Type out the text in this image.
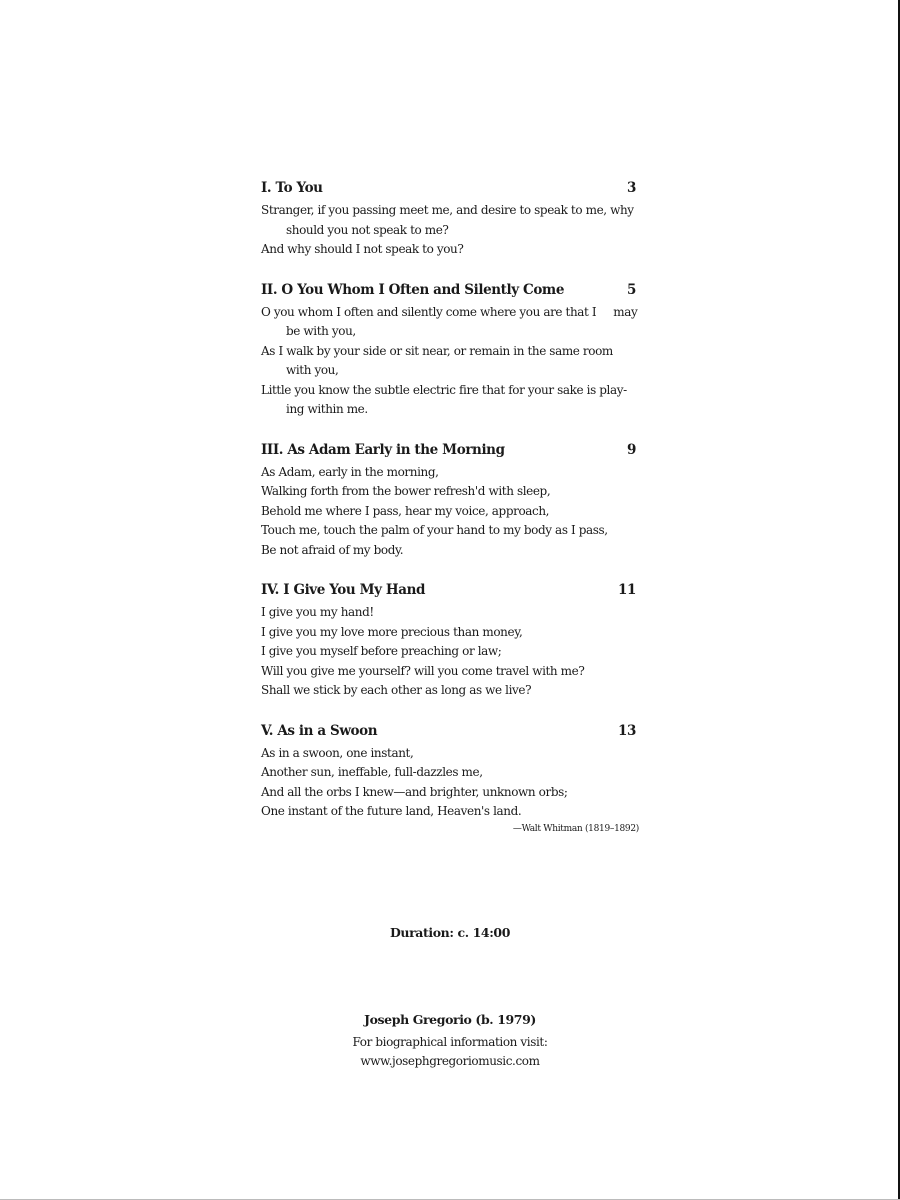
I. To You	3
Stranger, if you passing meet me, and desire to speak to me, why
should you not speak to me?
And why should I not speak to you?
II. O You Whom I Often and Silently Come	5
O you whom I often and silently come where you are that I     may
be with you,
As I walk by your side or sit near, or remain in the same room
with you,
Little you know the subtle electric fire that for your sake is play-
ing within me.
III. As Adam Early in the Morning	9
As Adam, early in the morning,
Walking forth from the bower refresh'd with sleep,
Behold me where I pass, hear my voice, approach,
Touch me, touch the palm of your hand to my body as I pass,
Be not afraid of my body.
IV. I Give You My Hand	11
I give you my hand!
I give you my love more precious than money,
I give you myself before preaching or law;
Will you give me yourself? will you come travel with me?
Shall we stick by each other as long as we live?
V. As in a Swoon	13
As in a swoon, one instant,
Another sun, ineffable, full-dazzles me,
And all the orbs I knew—and brighter, unknown orbs;
One instant of the future land, Heaven's land.
—Walt Whitman (1819–1892)
Duration: c. 14:00
Joseph Gregorio (b. 1979)
For biographical information visit:
www.josephgregoriomusic.com
